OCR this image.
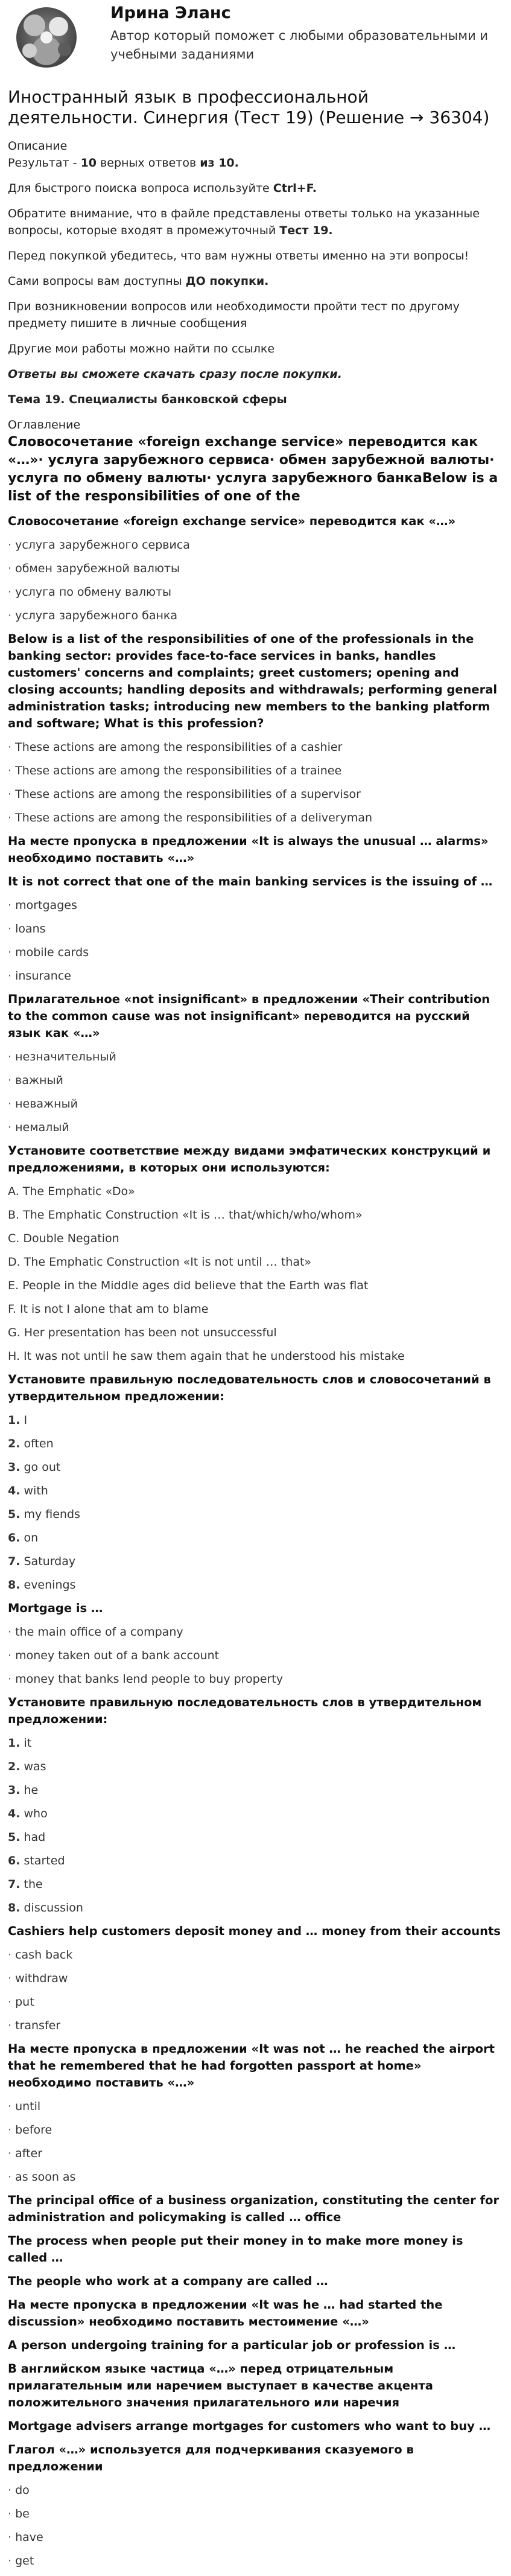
Ирина Эланс
Автор который поможет с любыми образовательными и учебными заданиями
Иностранный язык в профессиональной деятельности. Синергия (Тест 19) (Решение → 36304)

Описание

Результат - 10 верных ответов из 10.

Для быстрого поиска вопроса используйте Ctrl+F.

Обратите внимание, что в файле представлены ответы только на указанные вопросы, которые входят в промежуточный Тест 19.

Перед покупкой убедитесь, что вам нужны ответы именно на эти вопросы!

Сами вопросы вам доступны ДО покупки.

При возникновении вопросов или необходимости пройти тест по другому предмету пишите в личные сообщения

Другие мои работы можно найти по ссылке

Ответы вы сможете скачать сразу после покупки.

Тема 19. Специалисты банковской сферы

Оглавление

Словосочетание «foreign exchange service» переводится как «…»· услуга зарубежного сервиса· обмен зарубежной валюты· услуга по обмену валюты· услуга зарубежного банкаBelow is a list of the responsibilities of one of the

Словосочетание «foreign exchange service» переводится как «…»
· услуга зарубежного сервиса
· обмен зарубежной валюты
· услуга по обмену валюты
· услуга зарубежного банка
Below is a list of the responsibilities of one of the professionals in the banking sector: provides face-to-face services in banks, handles customers' concerns and complaints; greet customers; opening and closing accounts; handling deposits and withdrawals; performing general administration tasks; introducing new members to the banking platform and software; What is this profession?
· These actions are among the responsibilities of a cashier
· These actions are among the responsibilities of a trainee
· These actions are among the responsibilities of a supervisor
· These actions are among the responsibilities of a deliveryman
На месте пропуска в предложении «It is always the unusual … alarms» необходимо поставить «…»
It is not correct that one of the main banking services is the issuing of …
· mortgages
· loans
· mobile cards
· insurance
Прилагательное «not insignificant» в предложении «Their contribution to the common cause was not insignificant» переводится на русский язык как «…»
· незначительный
· важный
· неважный
· немалый
Установите соответствие между видами эмфатических конструкций и предложениями, в которых они используются:
A. The Emphatic «Do»
B. The Emphatic Construction «It is … that/which/who/whom»
C. Double Negation
D. The Emphatic Construction «It is not until … that»
E. People in the Middle ages did believe that the Earth was flat
F. It is not I alone that am to blame
G. Her presentation has been not unsuccessful
H. It was not until he saw them again that he understood his mistake
Установите правильную последовательность слов и словосочетаний в утвердительном предложении:
1. I
2. often
3. go out
4. with
5. my fiends
6. on
7. Saturday
8. evenings
Mortgage is …
· the main office of a company
· money taken out of a bank account
· money that banks lend people to buy property
Установите правильную последовательность слов в утвердительном предложении:
1. it
2. was
3. he
4. who
5. had
6. started
7. the
8. discussion
Cashiers help customers deposit money and … money from their accounts
· cash back
· withdraw
· put
· transfer
На месте пропуска в предложении «It was not … he reached the airport that he remembered that he had forgotten passport at home» необходимо поставить «…»
· until
· before
· after
· as soon as
The principal office of a business organization, constituting the center for administration and policymaking is called … office
The process when people put their money in to make more money is called …
The people who work at a company are called …
На месте пропуска в предложении «It was he … had started the discussion» необходимо поставить местоимение «…»
A person undergoing training for a particular job or profession is …
В английском языке частица «…» перед отрицательным прилагательным или наречием выступает в качестве акцента положительного значения прилагательного или наречия
Mortgage advisers arrange mortgages for customers who want to buy …
Глагол «…» используется для подчеркивания сказуемого в предложении
· do
· be
· have
· get
